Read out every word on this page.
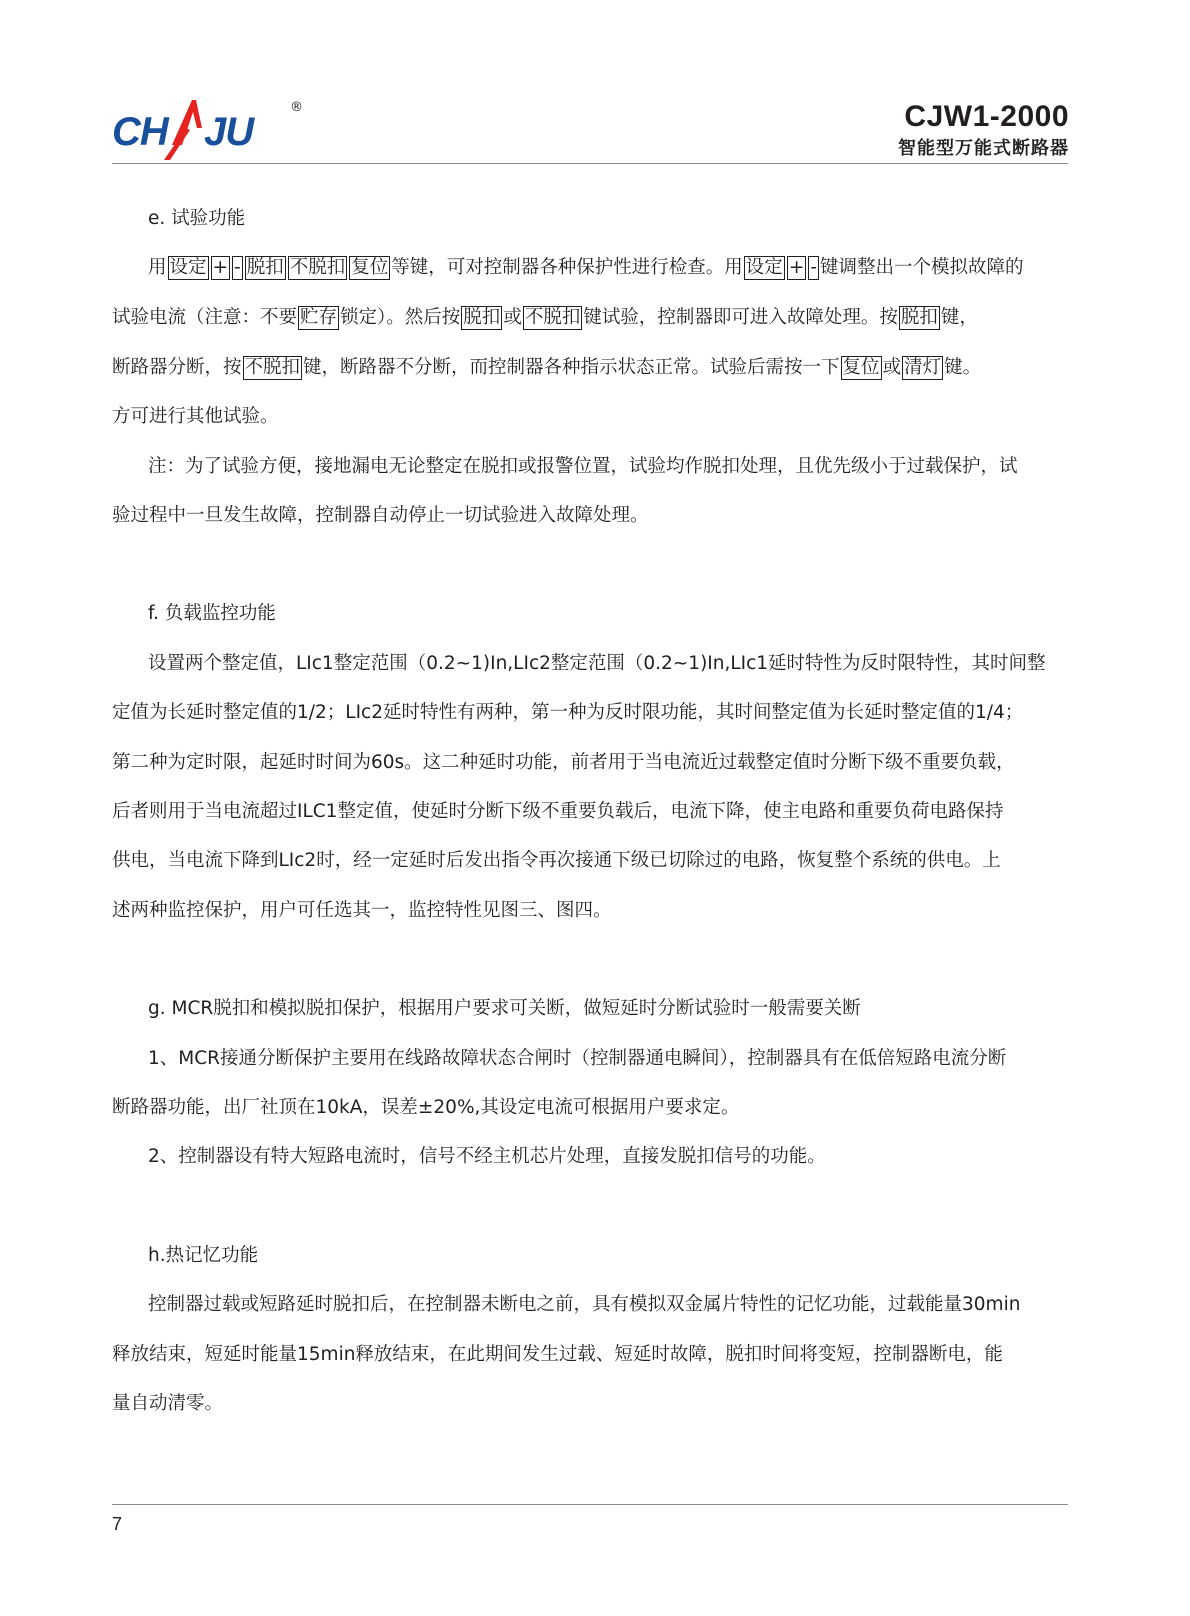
CH JU
®	CJW1-2000
智能型万能式断路器
e. 试验功能
用 设定 + - 脱扣 不脱扣 复位 等键，可对控制器各种保护性进行检查。用 设定 + - 键调整出一个模拟故障的
试验电流（注意：不要 贮存 锁定）。然后按 脱扣 或 不脱扣 键试验，控制器即可进入故障处理。按 脱扣 键，
断路器分断，按 不脱扣 键，断路器不分断，而控制器各种指示状态正常。试验后需按一下 复位 或 清灯 键。
方可进行其他试验。
注：为了试验方便，接地漏电无论整定在脱扣或报警位置，试验均作脱扣处理，且优先级小于过载保护，试
验过程中一旦发生故障，控制器自动停止一切试验进入故障处理。
f. 负载监控功能
设置两个整定值，LIc1整定范围（0.2~1)In,LIc2整定范围（0.2~1)In,LIc1延时特性为反时限特性，其时间整
定值为长延时整定值的1/2；LIc2延时特性有两种，第一种为反时限功能，其时间整定值为长延时整定值的1/4；
第二种为定时限，起延时时间为60s。这二种延时功能，前者用于当电流近过载整定值时分断下级不重要负载，
后者则用于当电流超过ILC1整定值，使延时分断下级不重要负载后，电流下降，使主电路和重要负荷电路保持
供电，当电流下降到LIc2时，经一定延时后发出指令再次接通下级已切除过的电路，恢复整个系统的供电。上
述两种监控保护，用户可任选其一，监控特性见图三、图四。
g. MCR脱扣和模拟脱扣保护，根据用户要求可关断，做短延时分断试验时一般需要关断
1、MCR接通分断保护主要用在线路故障状态合闸时（控制器通电瞬间），控制器具有在低倍短路电流分断
断路器功能，出厂社顶在10kA，误差±20%,其设定电流可根据用户要求定。
2、控制器设有特大短路电流时，信号不经主机芯片处理，直接发脱扣信号的功能。
h.热记忆功能
控制器过载或短路延时脱扣后，在控制器未断电之前，具有模拟双金属片特性的记忆功能，过载能量30min
释放结束，短延时能量15min释放结束，在此期间发生过载、短延时故障，脱扣时间将变短，控制器断电，能
量自动清零。
7
